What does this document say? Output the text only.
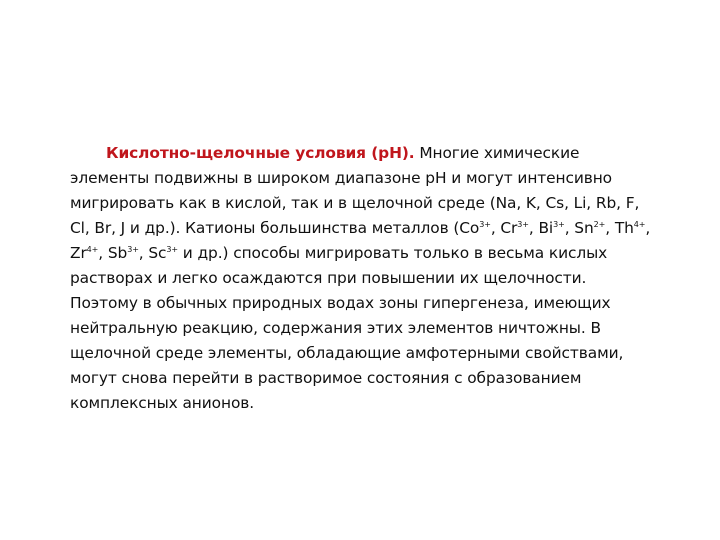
Кислотно-щелочные условия (pH). Многие химические
элементы подвижны в широком диапазоне pH и могут интенсивно
мигрировать как в кислой, так и в щелочной среде (Na, K, Cs, Li, Rb, F,
Cl, Br, J и др.). Катионы большинства металлов ($Co^{3+}$, $Cr^{3+}$, $Bi^{3+}$, $Sn^{2+}$, $Th^{4+}$,
$Zr^{4+}$, $Sb^{3+}$, $Sc^{3+}$ и др.) способы мигрировать только в весьма кислых
растворах и легко осаждаются при повышении их щелочности.
Поэтому в обычных природных водах зоны гипергенеза, имеющих
нейтральную реакцию, содержания этих элементов ничтожны. В
щелочной среде элементы, обладающие амфотерными свойствами,
могут снова перейти в растворимое состояния с образованием
комплексных анионов.
